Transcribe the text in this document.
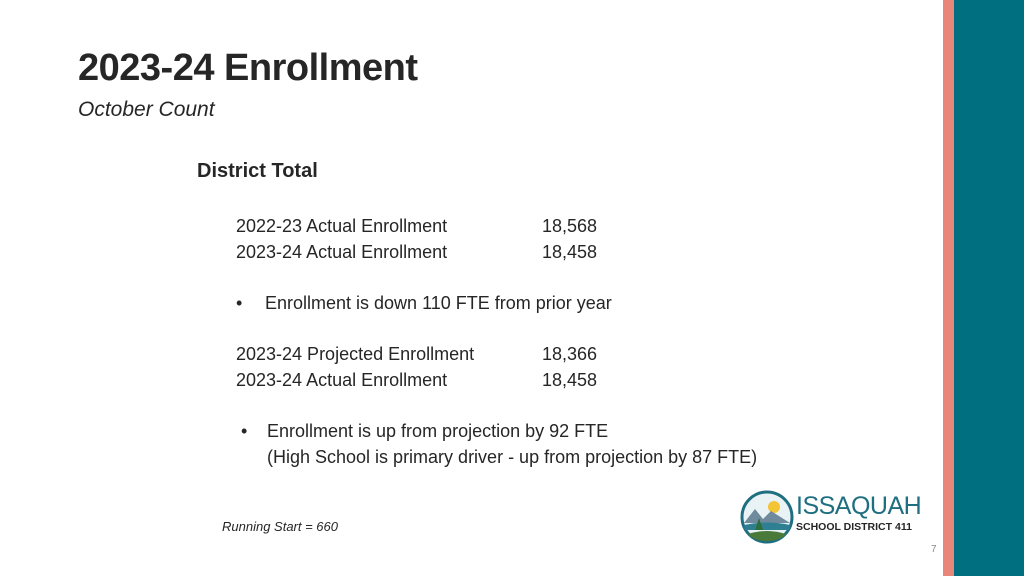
2023-24 Enrollment
October Count
District Total
2022-23 Actual Enrollment	18,568
2023-24 Actual Enrollment	18,458
• Enrollment is down 110 FTE from prior year
2023-24 Projected Enrollment	18,366
2023-24 Actual Enrollment	18,458
• Enrollment is up from projection by 92 FTE
(High School is primary driver - up from projection by 87 FTE)
Running Start = 660
ISSAQUAH
SCHOOL DISTRICT 411
7
